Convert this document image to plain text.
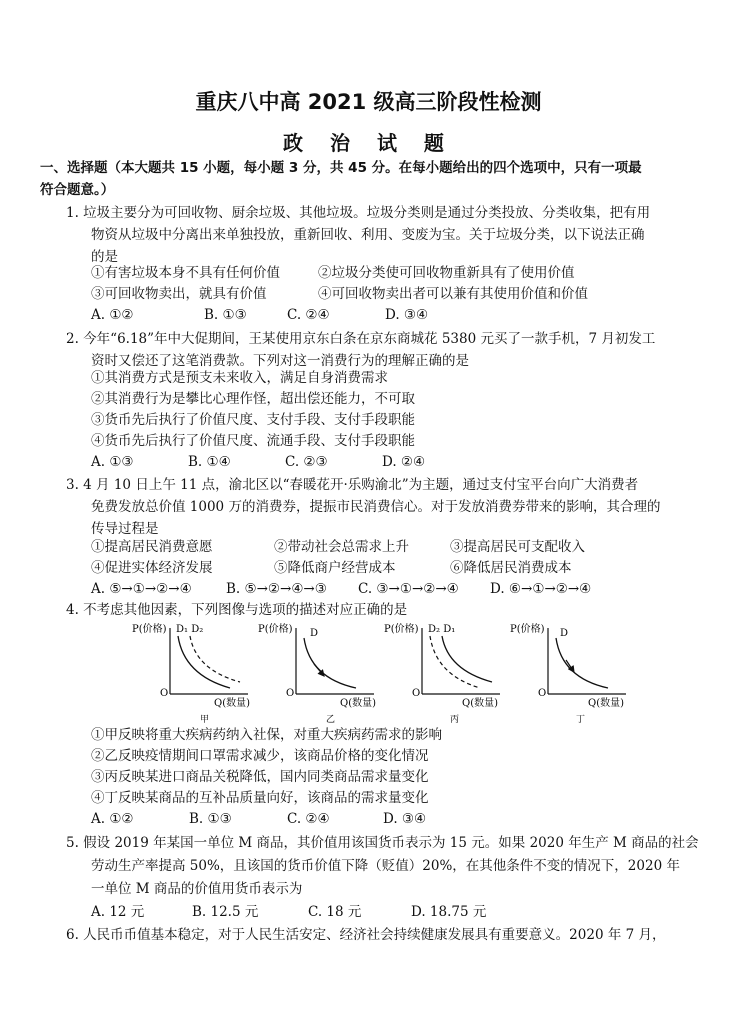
重庆八中高 2021 级高三阶段性检测
政 治 试 题
一、选择题（本大题共 15 小题，每小题 3 分，共 45 分。在每小题给出的四个选项中，只有一项最
符合题意。）
1. 垃圾主要分为可回收物、厨余垃圾、其他垃圾。垃圾分类则是通过分类投放、分类收集，把有用
物资从垃圾中分离出来单独投放，重新回收、利用、变废为宝。关于垃圾分类，以下说法正确
的是
①有害垃圾本身不具有任何价值	②垃圾分类使可回收物重新具有了使用价值
③可回收物卖出，就具有价值	④可回收物卖出者可以兼有其使用价值和价值
A. ①②	B. ①③	C. ②④	D. ③④
2. 今年“6.18”年中大促期间，王某使用京东白条在京东商城花 5380 元买了一款手机，7 月初发工
资时又偿还了这笔消费款。下列对这一消费行为的理解正确的是
①其消费方式是预支未来收入，满足自身消费需求
②其消费行为是攀比心理作怪，超出偿还能力，不可取
③货币先后执行了价值尺度、支付手段、支付手段职能
④货币先后执行了价值尺度、流通手段、支付手段职能
A. ①③	B. ①④	C. ②③	D. ②④
3. 4 月 10 日上午 11 点，渝北区以“春暖花开·乐购渝北”为主题，通过支付宝平台向广大消费者
免费发放总价值 1000 万的消费券，提振市民消费信心。对于发放消费券带来的影响，其合理的
传导过程是
①提高居民消费意愿	②带动社会总需求上升	③提高居民可支配收入
④促进实体经济发展	⑤降低商户经营成本	⑥降低居民消费成本
A. ⑤→①→②→④	B. ⑤→②→④→③ C. ③→①→②→④ D. ⑥→①→②→④
4. 不考虑其他因素，下列图像与选项的描述对应正确的是
P(价格)
O
D₁ D₂
Q(数量)
甲
P(价格)
O
D
Q(数量)
乙
P(价格)
O
D₂ D₁
Q(数量)
丙
P(价格)
O
D
Q(数量)
丁
①甲反映将重大疾病药纳入社保，对重大疾病药需求的影响
②乙反映疫情期间口罩需求减少，该商品价格的变化情况
③丙反映某进口商品关税降低，国内同类商品需求量变化
④丁反映某商品的互补品质量向好，该商品的需求量变化
A. ①②	B. ①③	C. ②④	D. ③④
5. 假设 2019 年某国一单位 M 商品，其价值用该国货币表示为 15 元。如果 2020 年生产 M 商品的社会
劳动生产率提高 50%，且该国的货币价值下降（贬值）20%，在其他条件不变的情况下，2020 年
一单位 M 商品的价值用货币表示为
A. 12 元	B. 12.5 元	C. 18 元	D. 18.75 元
6. 人民币币值基本稳定，对于人民生活安定、经济社会持续健康发展具有重要意义。2020 年 7 月，
